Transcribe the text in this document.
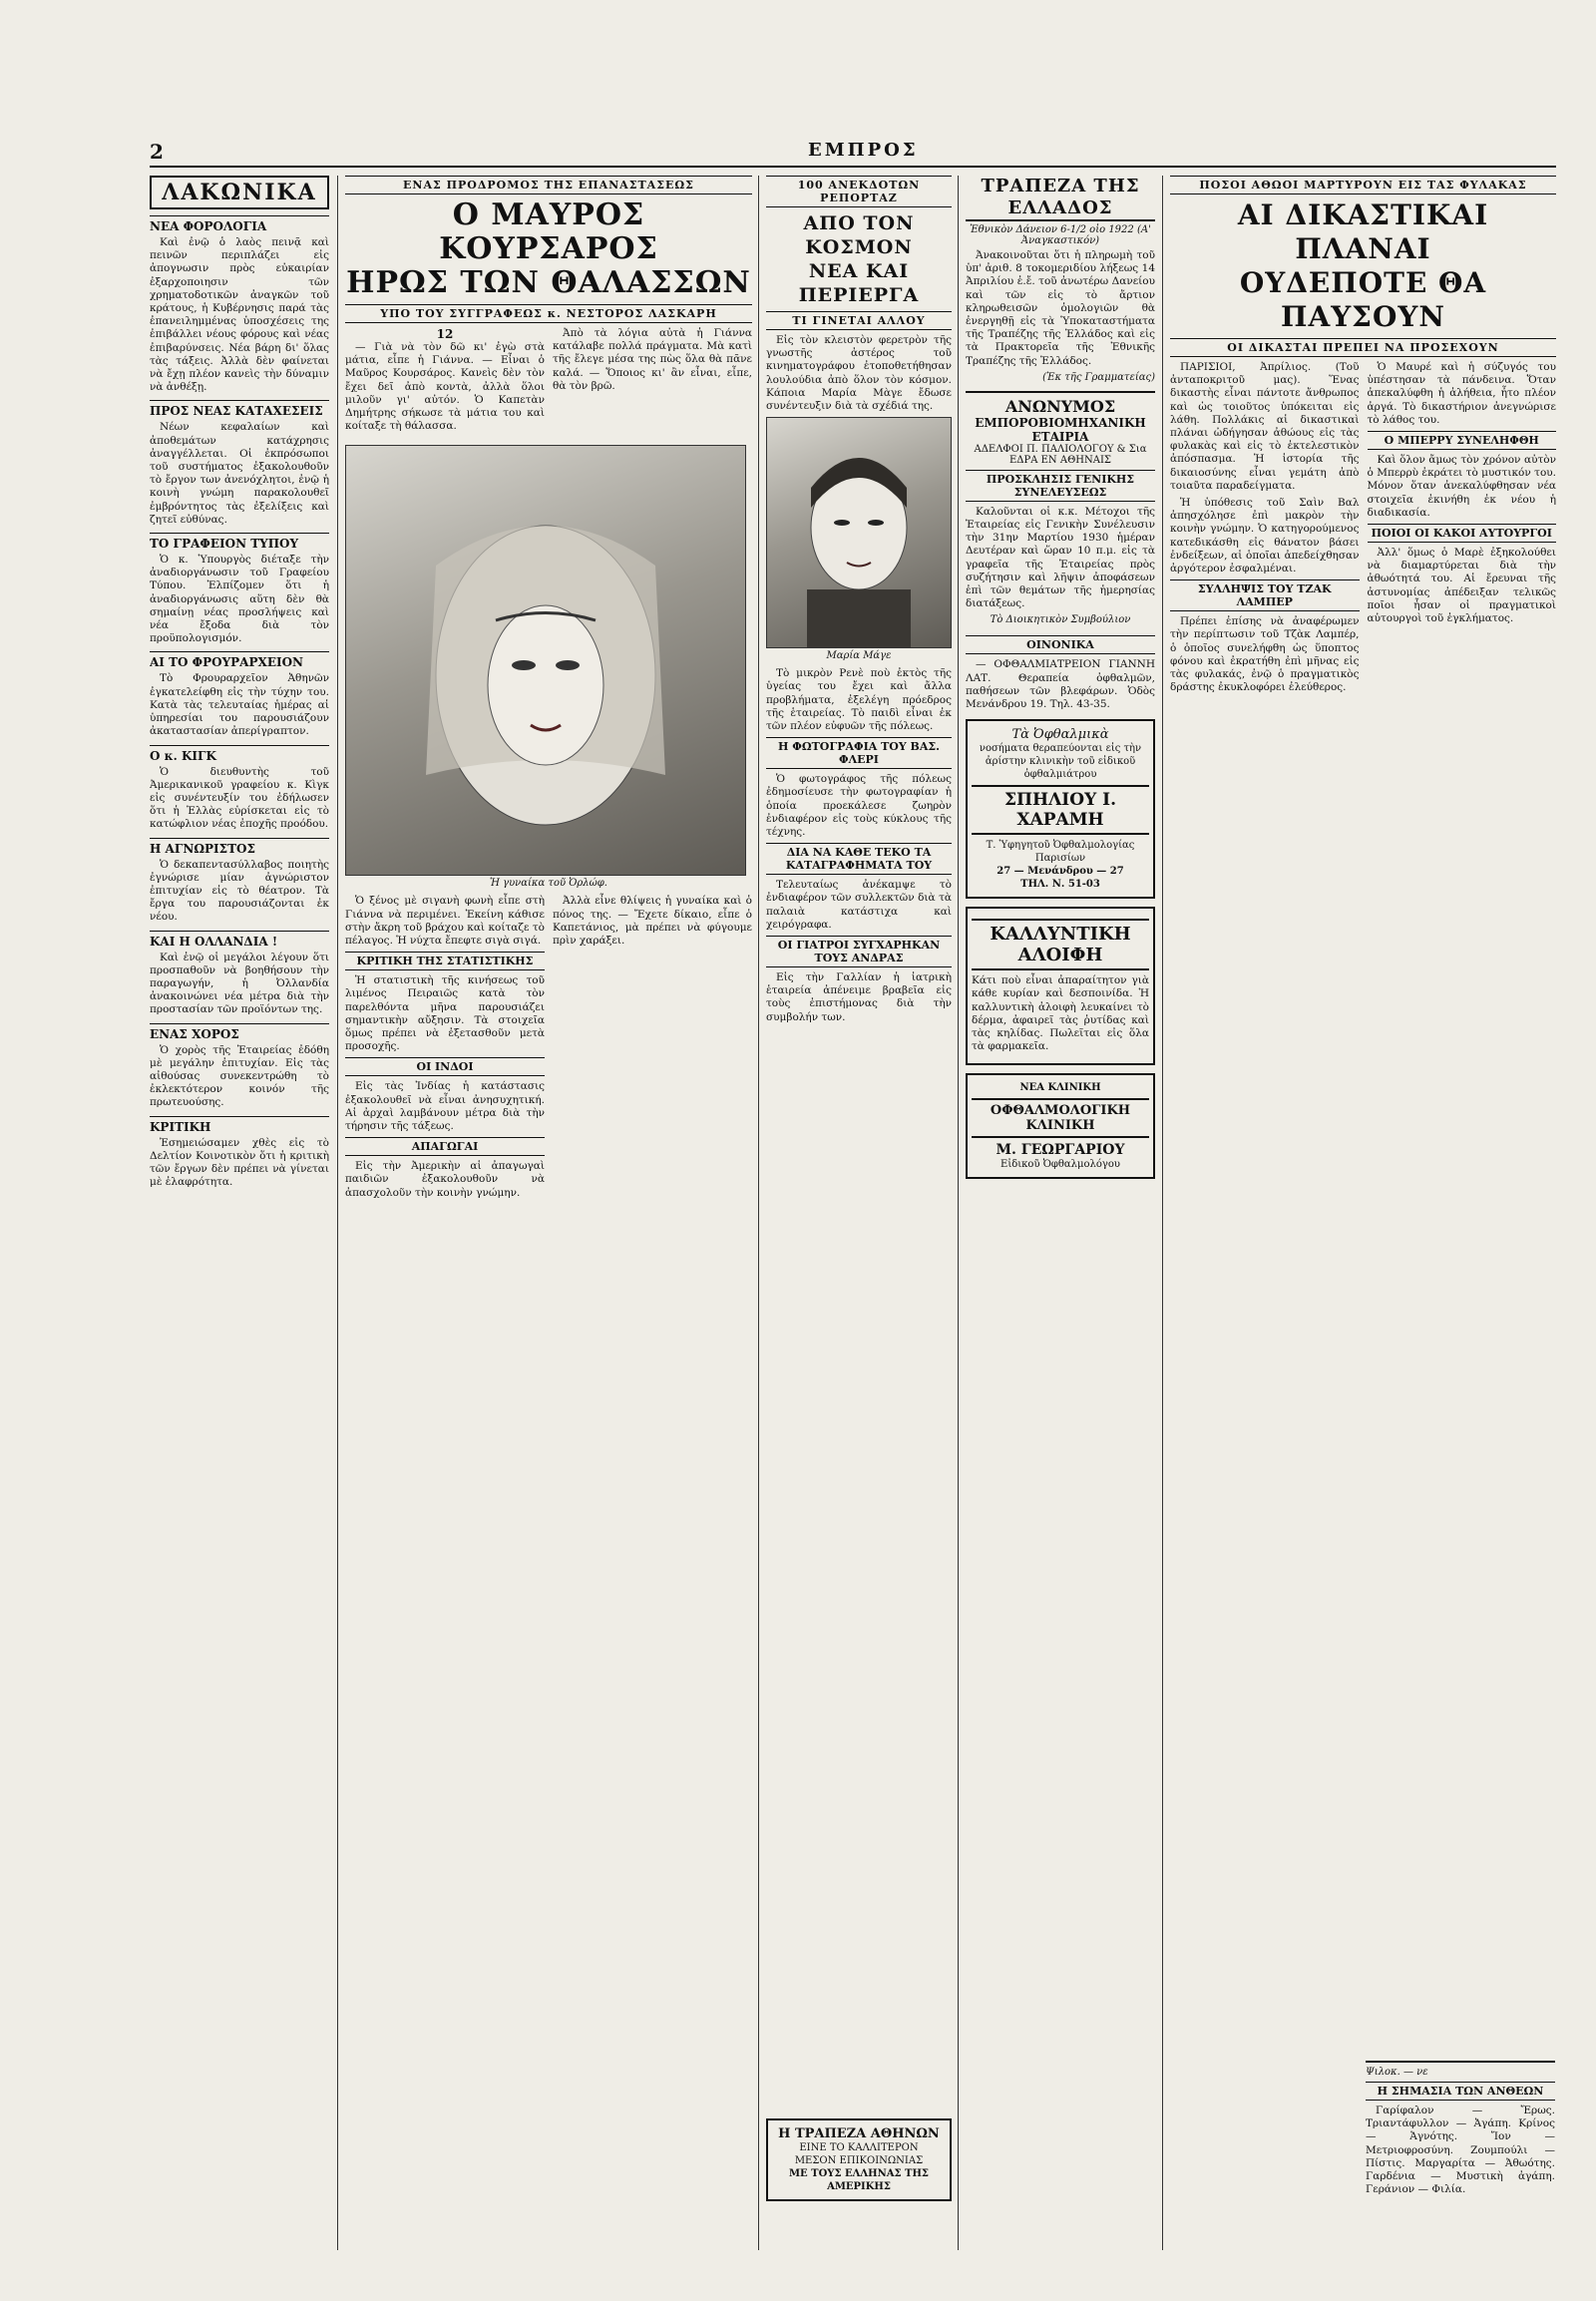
2	ΕΜΠΡΟΣ
ΛΑΚΩΝΙΚΑ
ΝΕΑ ΦΟΡΟΛΟΓΙΑ

Καὶ ἐνῷ ὁ λαὸς πεινᾷ καὶ πεινῶν περιπλάζει εἰς ἀπογνωσιν πρὸς εὐκαιρίαν ἐξαρχοποιησιν τῶν χρηματοδοτικῶν ἀναγκῶν τοῦ κράτους, ἡ Κυβέρνησις παρά τὰς ἐπανειλημμένας ὑποσχέσεις της ἐπιβάλλει νέους φόρους καὶ νέας ἐπιβαρύνσεις. Νέα βάρη δι' ὅλας τὰς τάξεις. Ἀλλὰ δὲν φαίνεται νὰ ἔχῃ πλέον κανεὶς τὴν δύναμιν νὰ ἀνθέξῃ.

ΠΡΟΣ ΝΕΑΣ ΚΑΤΑΧΕΣΕΙΣ

Νέων κεφαλαίων καὶ ἀποθεμάτων κατάχρησις ἀναγγέλλεται. Οἱ ἐκπρόσωποι τοῦ συστήματος ἐξακολουθοῦν τὸ ἔργον των ἀνενόχλητοι, ἐνῷ ἡ κοινὴ γνώμη παρακολουθεῖ ἐμβρόντητος τὰς ἐξελίξεις καὶ ζητεῖ εὐθύνας.

ΤΟ ΓΡΑΦΕΙΟΝ ΤΥΠΟΥ

Ὁ κ. Ὑπουργὸς διέταξε τὴν ἀναδιοργάνωσιν τοῦ Γραφείου Τύπου. Ἐλπίζομεν ὅτι ἡ ἀναδιοργάνωσις αὕτη δὲν θὰ σημαίνῃ νέας προσλήψεις καὶ νέα ἔξοδα διὰ τὸν προϋπολογισμόν.

ΑΙ ΤΟ ΦΡΟΥΡΑΡΧΕΙΟΝ

Τὸ Φρουραρχεῖον Ἀθηνῶν ἐγκατελείφθη εἰς τὴν τύχην του. Κατὰ τὰς τελευταίας ἡμέρας αἱ ὑπηρεσίαι του παρουσιάζουν ἀκαταστασίαν ἀπερίγραπτον.

Ο κ. ΚΙΓΚ

Ὁ διευθυντὴς τοῦ Ἀμερικανικοῦ γραφείου κ. Κὶγκ εἰς συνέντευξίν του ἐδήλωσεν ὅτι ἡ Ἑλλὰς εὑρίσκεται εἰς τὸ κατώφλιον νέας ἐποχῆς προόδου.

Η ΑΓΝΩΡΙΣΤΟΣ

Ὁ δεκαπεντασύλλαβος ποιητὴς ἐγνώρισε μίαν ἀγνώριστον ἐπιτυχίαν εἰς τὸ θέατρον. Τὰ ἔργα του παρουσιάζονται ἐκ νέου.

ΚΑΙ Η ΟΛΛΑΝΔΙΑ !

Καὶ ἐνῷ οἱ μεγάλοι λέγουν ὅτι προσπαθοῦν νὰ βοηθήσουν τὴν παραγωγήν, ἡ Ὀλλανδία ἀνακοινώνει νέα μέτρα διὰ τὴν προστασίαν τῶν προϊόντων της.

ΕΝΑΣ ΧΟΡΟΣ

Ὁ χορὸς τῆς Ἐταιρείας ἐδόθη μὲ μεγάλην ἐπιτυχίαν. Εἰς τὰς αἰθούσας συνεκεντρώθη τὸ ἐκλεκτότερον κοινόν τῆς πρωτευούσης.

ΚΡΙΤΙΚΗ

Ἐσημειώσαμεν χθὲς εἰς τὸ Δελτίον Κοινοτικὸν ὅτι ἡ κριτικὴ τῶν ἔργων δὲν πρέπει νὰ γίνεται μὲ ἐλαφρότητα.

ΕΝΑΣ ΠΡΟΔΡΟΜΟΣ ΤΗΣ ΕΠΑΝΑΣΤΑΣΕΩΣ
Ο ΜΑΥΡΟΣ ΚΟΥΡΣΑΡΟΣ
ΗΡΩΣ ΤΩΝ ΘΑΛΑΣΣΩΝ
ΥΠΟ ΤΟΥ ΣΥΓΓΡΑΦΕΩΣ κ. ΝΕΣΤΟΡΟΣ ΛΑΣΚΑΡΗ
12

— Γιὰ νὰ τὸν δῶ κι' ἐγὼ στὰ μάτια, εἶπε ἡ Γιάννα. — Εἶναι ὁ Μαῦρος Κουρσάρος. Κανεὶς δὲν τὸν ἔχει δεῖ ἀπὸ κοντὰ, ἀλλὰ ὅλοι μιλοῦν γι' αὐτόν. Ὁ Καπετὰν Δημήτρης σήκωσε τὰ μάτια του καὶ κοίταξε τὴ θάλασσα.

Ἀπὸ τὰ λόγια αὐτὰ ἡ Γιάννα κατάλαβε πολλά πράγματα. Μὰ κατὶ τῆς ἔλεγε μέσα της πὼς ὅλα θὰ πᾶνε καλά. — Ὅποιος κι' ἂν εἶναι, εἶπε, θὰ τὸν βρῶ.

Ἡ γυναίκα τοῦ Ὀρλώφ.

Ὁ ξένος μὲ σιγανὴ φωνὴ εἶπε στὴ Γιάννα νὰ περιμένει. Ἐκείνη κάθισε στὴν ἄκρη τοῦ βράχου καὶ κοίταζε τὸ πέλαγος. Ἡ νύχτα ἔπεφτε σιγὰ σιγά.

ΚΡΙΤΙΚΗ ΤΗΣ ΣΤΑΤΙΣΤΙΚΗΣ

Ἡ στατιστικὴ τῆς κινήσεως τοῦ λιμένος Πειραιῶς κατὰ τὸν παρελθόντα μῆνα παρουσιάζει σημαντικὴν αὔξησιν. Τὰ στοιχεῖα ὅμως πρέπει νὰ ἐξετασθοῦν μετὰ προσοχῆς.

ΟΙ ΙΝΔΟΙ

Εἰς τὰς Ἰνδίας ἡ κατάστασις ἐξακολουθεῖ νὰ εἶναι ἀνησυχητική. Αἱ ἀρχαὶ λαμβάνουν μέτρα διὰ τὴν τήρησιν τῆς τάξεως.

ΑΠΑΓΩΓΑΙ

Εἰς τὴν Ἀμερικὴν αἱ ἀπαγωγαὶ παιδιῶν ἐξακολουθοῦν νὰ ἀπασχολοῦν τὴν κοινὴν γνώμην.

Ἀλλὰ εἶνε θλίψεις ἡ γυναίκα καὶ ὁ πόνος της. — Ἔχετε δίκαιο, εἶπε ὁ Καπετάνιος, μὰ πρέπει νὰ φύγουμε πρὶν χαράξει.

100 ΑΝΕΚΔΟΤΩΝ ΡΕΠΟΡΤΑΖ
ΑΠΟ ΤΟΝ ΚΟΣΜΟΝ
ΝΕΑ ΚΑΙ ΠΕΡΙΕΡΓΑ
ΤΙ ΓΙΝΕΤΑΙ ΑΛΛΟΥ

Εἰς τὸν κλειστὸν φερετρὸν τῆς γνωστῆς ἀστέρος τοῦ κινηματογράφου ἐτοποθετήθησαν λουλούδια ἀπὸ ὅλον τὸν κόσμον. Κάποια Μαρία Μὰγε ἔδωσε συνέντευξιν διὰ τὰ σχέδιά της.

Μαρία Μάγε

Τὸ μικρὸν Ρενὲ ποὺ ἐκτὸς τῆς ὑγείας του ἔχει καὶ ἄλλα προβλήματα, ἐξελέγη πρόεδρος τῆς ἑταιρείας. Τὸ παιδὶ εἶναι ἐκ τῶν πλέον εὐφυῶν τῆς πόλεως.

Η ΦΩΤΟΓΡΑΦΙΑ ΤΟΥ ΒΑΣ. ΦΛΕΡΙ

Ὁ φωτογράφος τῆς πόλεως ἐδημοσίευσε τὴν φωτογραφίαν ἡ ὁποία προεκάλεσε ζωηρὸν ἐνδιαφέρον εἰς τοὺς κύκλους τῆς τέχνης.

ΔΙΑ ΝΑ ΚΑΘΕ ΤΕΚΟ ΤΑ ΚΑΤΑΓΡΑΦΗΜΑΤΑ ΤΟΥ

Τελευταίως ἀνέκαμψε τὸ ἐνδιαφέρον τῶν συλλεκτῶν διὰ τὰ παλαιὰ κατάστιχα καὶ χειρόγραφα.

ΟΙ ΓΙΑΤΡΟΙ ΣΥΓΧΑΡΗΚΑΝ ΤΟΥΣ ΑΝΔΡΑΣ

Εἰς τὴν Γαλλίαν ἡ ἰατρικὴ ἑταιρεία ἀπένειμε βραβεῖα εἰς τοὺς ἐπιστήμονας διὰ τὴν συμβολήν των.

Η ΤΡΑΠΕΖΑ ΑΘΗΝΩΝ
ΕΙΝΕ ΤΟ ΚΑΛΛΙΤΕΡΟΝ
ΜΕΣΟΝ ΕΠΙΚΟΙΝΩΝΙΑΣ
ΜΕ ΤΟΥΣ ΕΛΛΗΝΑΣ ΤΗΣ ΑΜΕΡΙΚΗΣ
ΤΡΑΠΕΖΑ ΤΗΣ ΕΛΛΑΔΟΣ
Ἐθνικὸν Δάνειον 6-1/2 οἱο 1922 (Α' Ἀναγκαστικόν)

Ἀνακοινοῦται ὅτι ἡ πληρωμὴ τοῦ ὑπ' ἀριθ. 8 τοκομεριδίου λήξεως 14 Ἀπριλίου ἐ.ἔ. τοῦ ἀνωτέρω Δανείου καὶ τῶν εἰς τὸ ἄρτιον κληρωθεισῶν ὁμολογιῶν θὰ ἐνεργηθῇ εἰς τὰ Ὑποκαταστήματα τῆς Τραπέζης τῆς Ἑλλάδος καὶ εἰς τὰ Πρακτορεῖα τῆς Ἐθνικῆς Τραπέζης τῆς Ἑλλάδος.

(Ἐκ τῆς Γραμματείας)
ΑΝΩΝΥΜΟΣ
ΕΜΠΟΡΟΒΙΟΜΗΧΑΝΙΚΗ ΕΤΑΙΡΙΑ
ΑΔΕΛΦΟΙ Π. ΠΑΛΙΟΛΟΓΟΥ & Σια
ΕΔΡΑ ΕΝ ΑΘΗΝΑΙΣ
ΠΡΟΣΚΛΗΣΙΣ ΓΕΝΙΚΗΣ ΣΥΝΕΛΕΥΣΕΩΣ

Καλοῦνται οἱ κ.κ. Μέτοχοι τῆς Ἑταιρείας εἰς Γενικὴν Συνέλευσιν τὴν 31ην Μαρτίου 1930 ἡμέραν Δευτέραν καὶ ὥραν 10 π.μ. εἰς τὰ γραφεῖα τῆς Ἑταιρείας πρὸς συζήτησιν καὶ λῆψιν ἀποφάσεων ἐπὶ τῶν θεμάτων τῆς ἡμερησίας διατάξεως.

Τὸ Διοικητικὸν Συμβούλιον
ΟΙΝΟΝΙΚΑ

— ΟΦΘΑΛΜΙΑΤΡΕΙΟΝ ΓΙΑΝΝΗ ΛΑΤ. Θεραπεία ὀφθαλμῶν, παθήσεων τῶν βλεφάρων. Ὁδὸς Μενάνδρου 19. Τηλ. 43-35.

Τὰ Ὀφθαλμικὰ
νοσήματα θεραπεύονται εἰς τὴν ἀρίστην κλινικὴν τοῦ εἰδικοῦ ὀφθαλμιάτρου
ΣΠΗΛΙΟΥ Ι. ΧΑΡΑΜΗ
Τ. Ὑφηγητοῦ Ὀφθαλμολογίας Παρισίων
27 — Μενάνδρου — 27
ΤΗΛ. Ν. 51-03
ΚΑΛΛΥΝΤΙΚΗ ΑΛΟΙΦΗ

Κάτι ποὺ εἶναι ἀπαραίτητον γιὰ κάθε κυρίαν καὶ δεσποινίδα. Ἡ καλλυντικὴ ἀλοιφὴ λευκαίνει τὸ δέρμα, ἀφαιρεῖ τὰς ῥυτίδας καὶ τὰς κηλίδας. Πωλεῖται εἰς ὅλα τὰ φαρμακεῖα.

ΝΕΑ ΚΛΙΝΙΚΗ
ΟΦΘΑΛΜΟΛΟΓΙΚΗ ΚΛΙΝΙΚΗ
Μ. ΓΕΩΡΓΑΡΙΟΥ
Εἰδικοῦ Ὀφθαλμολόγου
ΠΟΣΟΙ ΑΘΩΟΙ ΜΑΡΤΥΡΟΥΝ ΕΙΣ ΤΑΣ ΦΥΛΑΚΑΣ
ΑΙ ΔΙΚΑΣΤΙΚΑΙ ΠΛΑΝΑΙ
ΟΥΔΕΠΟΤΕ ΘΑ ΠΑΥΣΟΥΝ
ΟΙ ΔΙΚΑΣΤΑΙ ΠΡΕΠΕΙ ΝΑ ΠΡΟΣΕΧΟΥΝ

ΠΑΡΙΣΙΟΙ, Ἀπρίλιος. (Τοῦ ἀνταποκριτοῦ μας). Ἕνας δικαστὴς εἶναι πάντοτε ἄνθρωπος καὶ ὡς τοιοῦτος ὑπόκειται εἰς λάθη. Πολλάκις αἱ δικαστικαὶ πλάναι ὠδήγησαν ἀθώους εἰς τὰς φυλακὰς καὶ εἰς τὸ ἐκτελεστικὸν ἀπόσπασμα. Ἡ ἱστορία τῆς δικαιοσύνης εἶναι γεμάτη ἀπὸ τοιαῦτα παραδείγματα.

Ἡ ὑπόθεσις τοῦ Σαὶν Βαλ ἀπησχόλησε ἐπὶ μακρὸν τὴν κοινὴν γνώμην. Ὁ κατηγορούμενος κατεδικάσθη εἰς θάνατον βάσει ἐνδείξεων, αἱ ὁποῖαι ἀπεδείχθησαν ἀργότερον ἐσφαλμέναι.

ΣΥΛΛΗΨΙΣ ΤΟΥ ΤΖΑΚ ΛΑΜΠΕΡ

Πρέπει ἐπίσης νὰ ἀναφέρωμεν τὴν περίπτωσιν τοῦ Τζὰκ Λαμπέρ, ὁ ὁποῖος συνελήφθη ὡς ὕποπτος φόνου καὶ ἐκρατήθη ἐπὶ μῆνας εἰς τὰς φυλακάς, ἐνῷ ὁ πραγματικὸς δράστης ἐκυκλοφόρει ἐλεύθερος.

Ὁ Μαυρέ καὶ ἡ σύζυγός του ὑπέστησαν τὰ πάνδεινα. Ὅταν ἀπεκαλύφθη ἡ ἀλήθεια, ἦτο πλέον ἀργά. Τὸ δικαστήριον ἀνεγνώρισε τὸ λάθος του.

Ο ΜΠΕΡΡΥ ΣΥΝΕΛΗΦΘΗ

Καὶ ὅλον ἄμως τὸν χρόνον αὐτὸν ὁ Μπερρὺ ἐκράτει τὸ μυστικόν του. Μόνον ὅταν ἀνεκαλύφθησαν νέα στοιχεῖα ἐκινήθη ἐκ νέου ἡ διαδικασία.

ΠΟΙΟΙ ΟΙ ΚΑΚΟΙ ΑΥΤΟΥΡΓΟΙ

Ἀλλ' ὅμως ὁ Μαρὲ ἐξηκολούθει νὰ διαμαρτύρεται διὰ τὴν ἀθωότητά του. Αἱ ἔρευναι τῆς ἀστυνομίας ἀπέδειξαν τελικῶς ποῖοι ἦσαν οἱ πραγματικοὶ αὐτουργοὶ τοῦ ἐγκλήματος.

Ψιλοκ. — νε
Η ΣΗΜΑΣΙΑ ΤΩΝ ΑΝΘΕΩΝ

Γαρίφαλον — Ἔρως. Τριαντάφυλλον — Ἀγάπη. Κρίνος — Ἁγνότης. Ἴον — Μετριοφροσύνη. Ζουμπούλι — Πίστις. Μαργαρίτα — Ἀθωότης. Γαρδένια — Μυστικὴ ἀγάπη. Γεράνιον — Φιλία.
